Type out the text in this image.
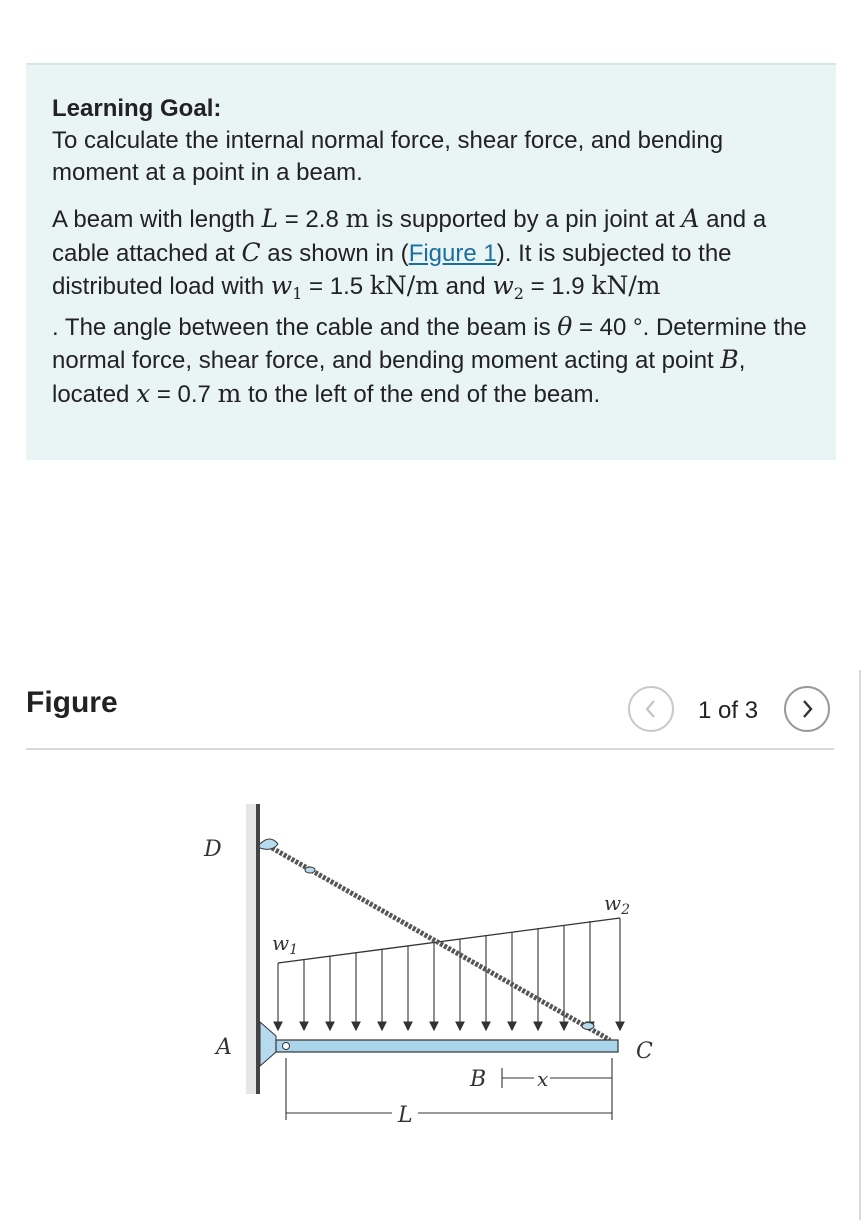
Learning Goal:

To calculate the internal normal force, shear force, and bending moment at a point in a beam.

A beam with length L = 2.8 m is supported by a pin joint at A and a cable attached at C as shown in (Figure 1). It is subjected to the distributed load with $w_1 = 1.5$ kN/m and $w_2 = 1.9$ kN/m
. The angle between the cable and the beam is θ = 40 °. Determine the normal force, shear force, and bending moment acting at point B, located x = 0.7 m to the left of the end of the beam.

Figure	1 of 3
D
A	C
B	x
L
$w_1$
$w_2$
